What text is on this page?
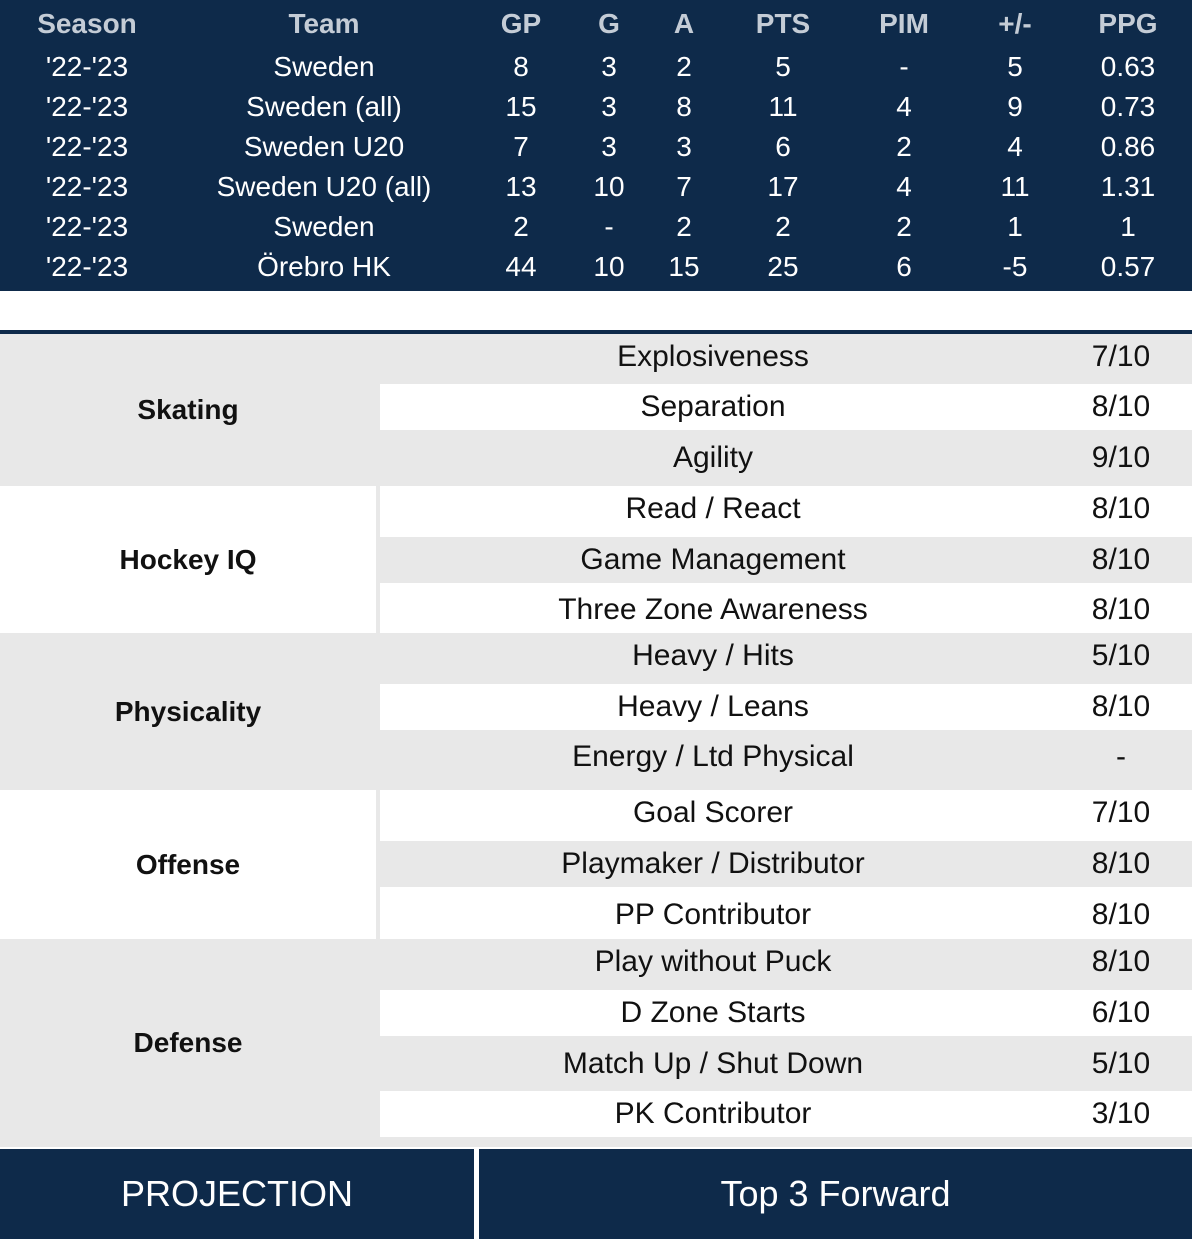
Season	Team	GP	G	A	PTS	PIM	+/-	PPG
'22-'23	Sweden	8	3	2	5	-	5	0.63
'22-'23	Sweden (all)	15	3	8	11	4	9	0.73
'22-'23	Sweden U20	7	3	3	6	2	4	0.86
'22-'23	Sweden U20 (all)	13	10	7	17	4	11	1.31
'22-'23	Sweden	2	-	2	2	2	1	1
'22-'23	Örebro HK	44	10	15	25	6	-5	0.57
Skating
Explosiveness	7/10
Separation	8/10
Agility	9/10
Hockey IQ
Read / React	8/10
Game Management	8/10
Three Zone Awareness	8/10
Physicality
Heavy / Hits	5/10
Heavy / Leans	8/10
Energy / Ltd Physical	-
Offense
Goal Scorer	7/10
Playmaker / Distributor	8/10
PP Contributor	8/10
Defense
Play without Puck	8/10
D Zone Starts	6/10
Match Up / Shut Down	5/10
PK Contributor	3/10
PROJECTION	Top 3 Forward
